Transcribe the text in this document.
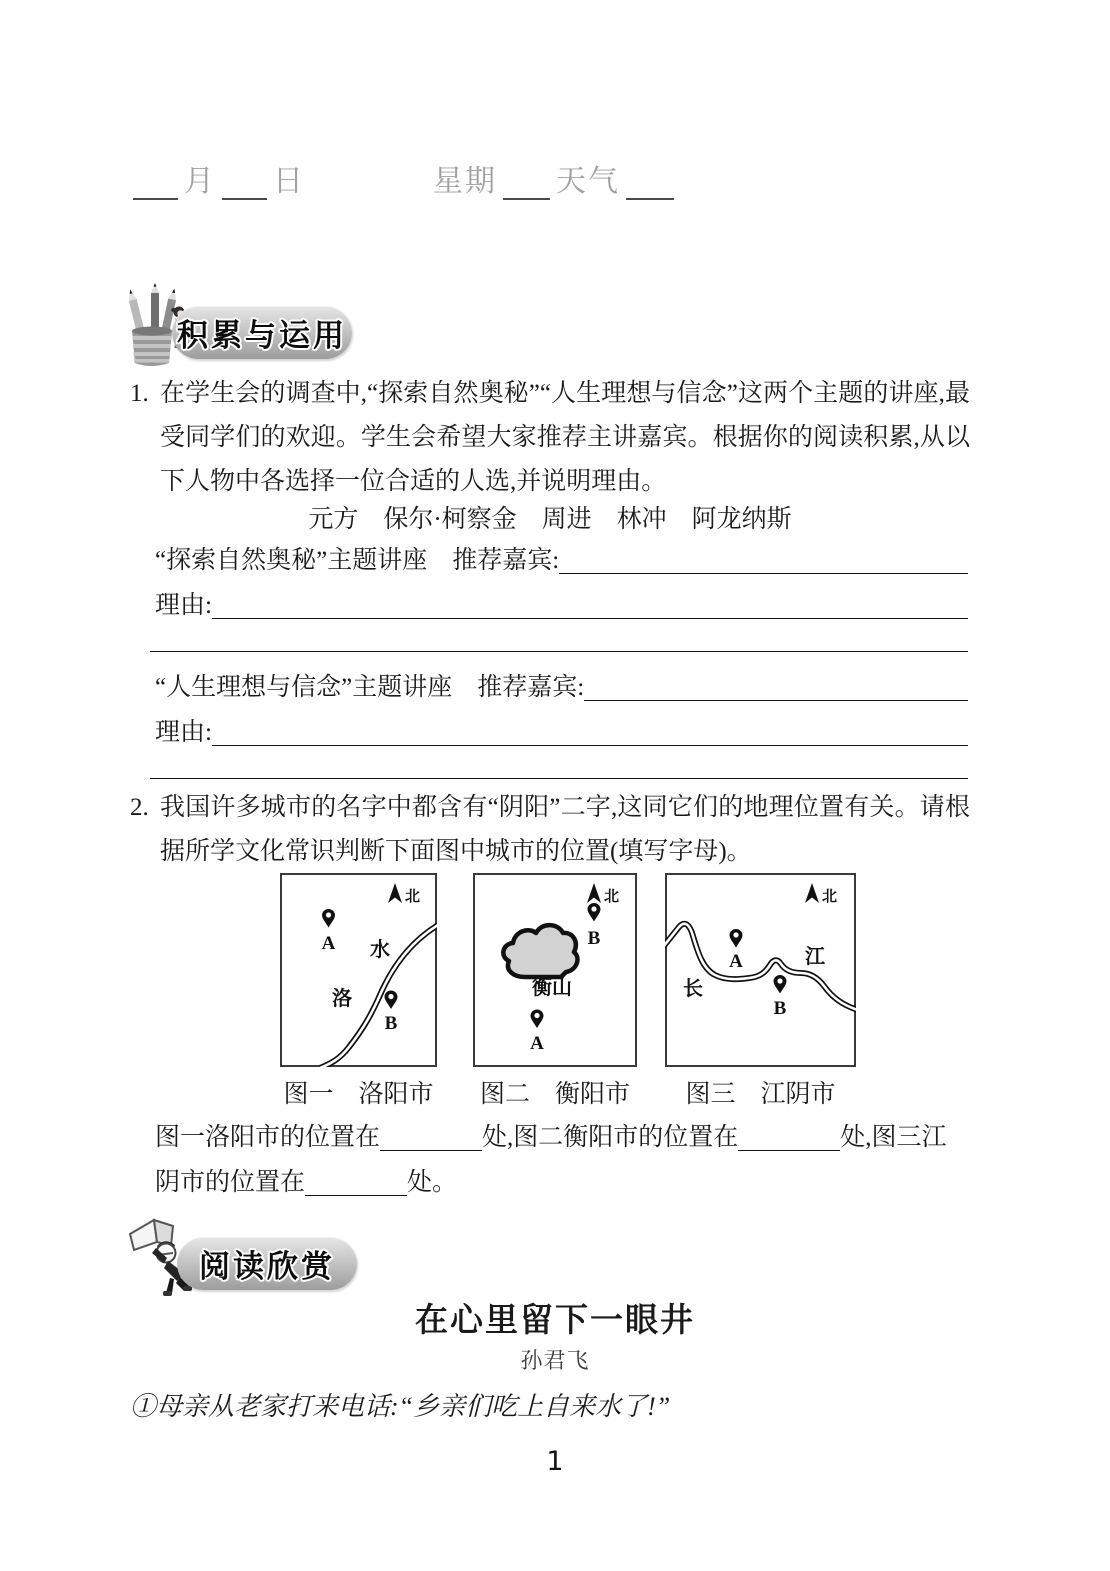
月 日	星期 天气
积累与运用
1. 在学生会的调查中,“探索自然奥秘”“人生理想与信念”这两个主题的讲座,最受同学们的欢迎。学生会希望大家推荐主讲嘉宾。根据你的阅读积累,从以下人物中各选择一位合适的人选,并说明理由。

元方　保尔·柯察金　周进　林冲　阿龙纳斯
“探索自然奥秘”主题讲座　推荐嘉宾:
理由:
“人生理想与信念”主题讲座　推荐嘉宾:
理由:
2. 我国许多城市的名字中都含有“阴阳”二字,这同它们的地理位置有关。请根据所学文化常识判断下面图中城市的位置(填写字母)。

北
A 水
洛
B
北
B
衡山
A
北
A	江
长
B
图一　洛阳市 图二　衡阳市	图三　江阴市
图一洛阳市的位置在	处,图二衡阳市的位置在	处,图三江
阴市的位置在	处。
阅读欣赏
在心里留下一眼井
孙君飞
①母亲从老家打来电话:“乡亲们吃上自来水了!”
1
